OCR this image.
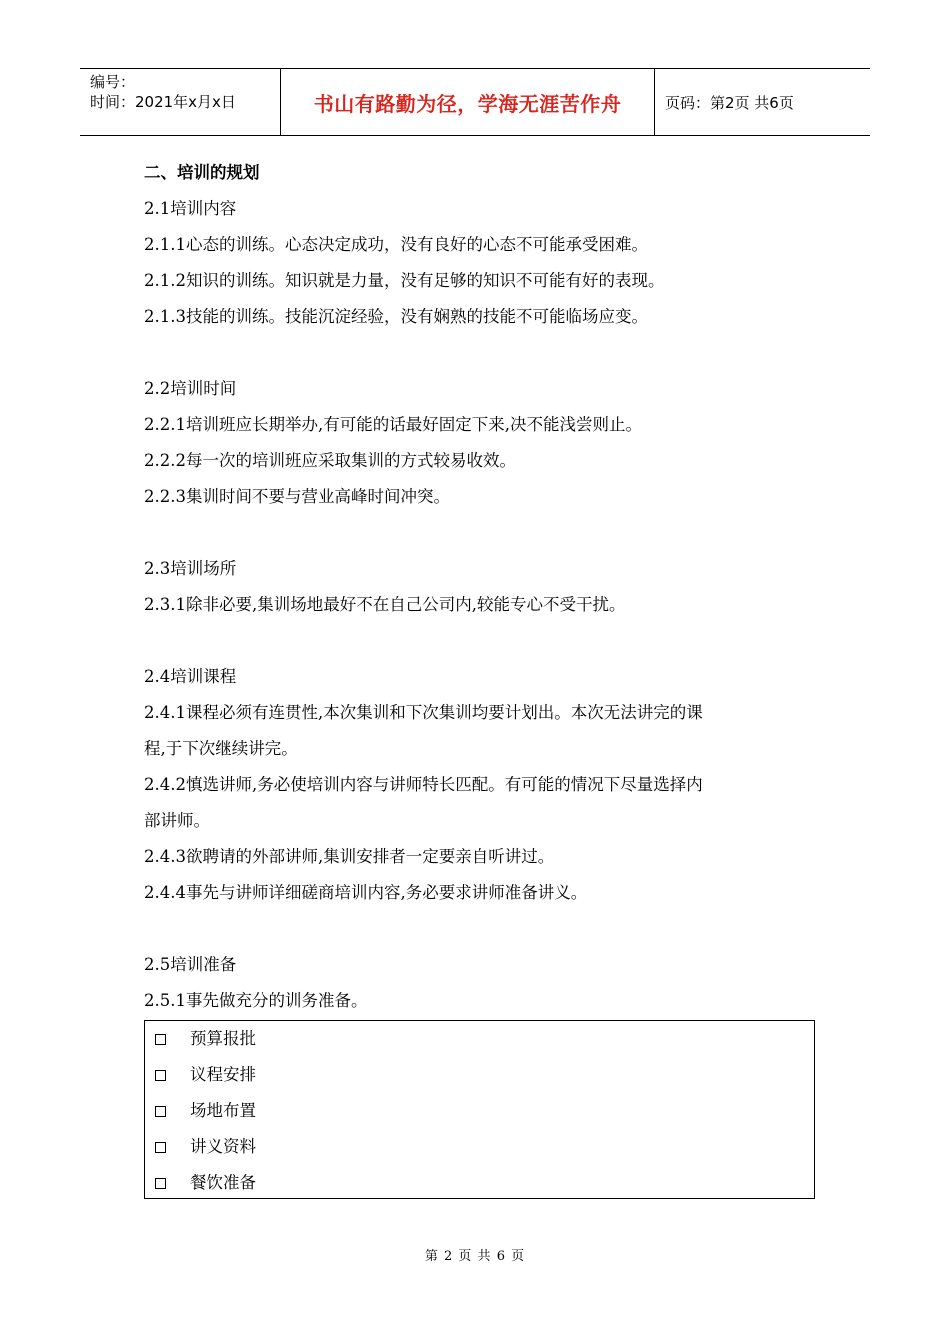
编号：
时间：2021年x月x日	书山有路勤为径，学海无涯苦作舟	页码：第2页 共6页
二、培训的规划
2.1培训内容
2.1.1心态的训练。心态决定成功，没有良好的心态不可能承受困难。
2.1.2知识的训练。知识就是力量，没有足够的知识不可能有好的表现。
2.1.3技能的训练。技能沉淀经验，没有娴熟的技能不可能临场应变。
2.2培训时间
2.2.1培训班应长期举办,有可能的话最好固定下来,决不能浅尝则止。
2.2.2每一次的培训班应采取集训的方式较易收效。
2.2.3集训时间不要与营业高峰时间冲突。
2.3培训场所
2.3.1除非必要,集训场地最好不在自己公司内,较能专心不受干扰。
2.4培训课程
2.4.1课程必须有连贯性,本次集训和下次集训均要计划出。本次无法讲完的课
程,于下次继续讲完。
2.4.2慎选讲师,务必使培训内容与讲师特长匹配。有可能的情况下尽量选择内
部讲师。
2.4.3欲聘请的外部讲师,集训安排者一定要亲自听讲过。
2.4.4事先与讲师详细磋商培训内容,务必要求讲师准备讲义。
2.5培训准备
2.5.1事先做充分的训务准备。
预算报批
议程安排
场地布置
讲义资料
餐饮准备
第 2 页 共 6 页
